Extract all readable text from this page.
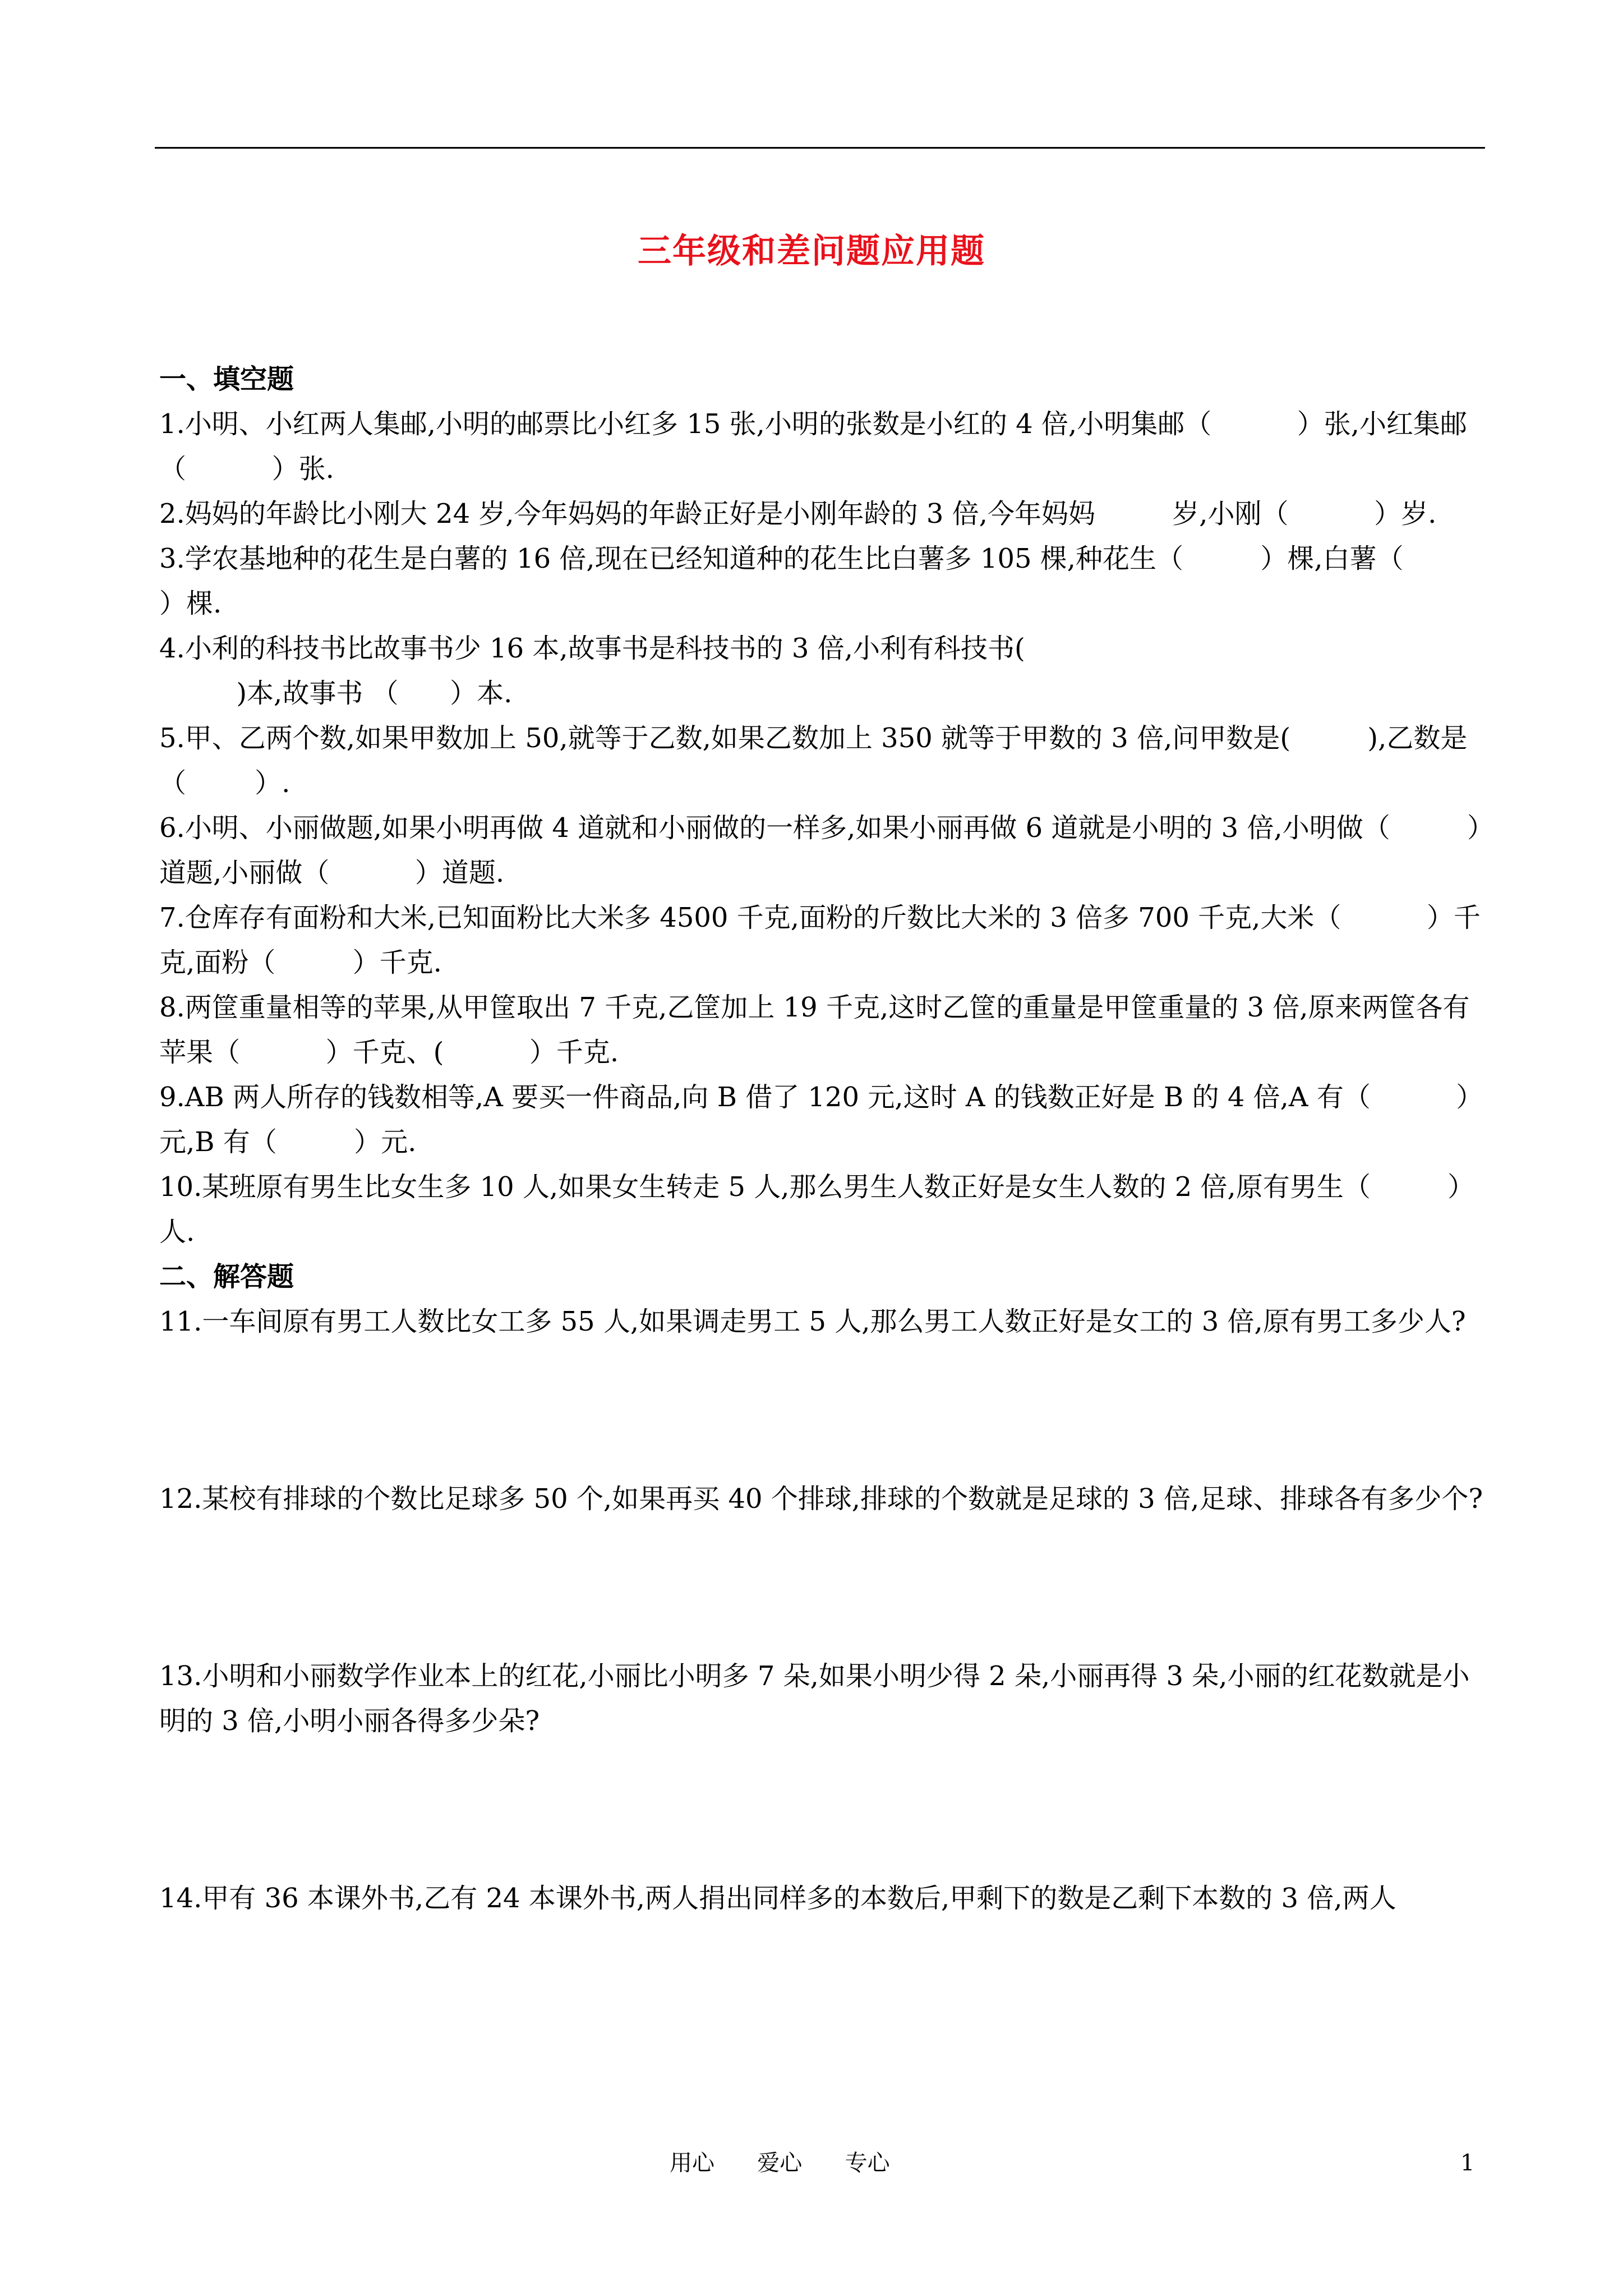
三年级和差问题应用题

一、填空题

1.小明、小红两人集邮,小明的邮票比小红多 15 张,小明的张数是小红的 4 倍,小明集邮（          ）张,小红集邮（          ）张.

2.妈妈的年龄比小刚大 24 岁,今年妈妈的年龄正好是小刚年龄的 3 倍,今年妈妈         岁,小刚（          ）岁.

3.学农基地种的花生是白薯的 16 倍,现在已经知道种的花生比白薯多 105 棵,种花生（         ）棵,白薯（         ）棵.

4.小利的科技书比故事书少 16 本,故事书是科技书的 3 倍,小利有科技书(
)本,故事书 （      ）本.

5.甲、乙两个数,如果甲数加上 50,就等于乙数,如果乙数加上 350 就等于甲数的 3 倍,问甲数是(         ),乙数是（        ）.

6.小明、小丽做题,如果小明再做 4 道就和小丽做的一样多,如果小丽再做 6 道就是小明的 3 倍,小明做（         ）道题,小丽做（          ）道题.

7.仓库存有面粉和大米,已知面粉比大米多 4500 千克,面粉的斤数比大米的 3 倍多 700 千克,大米（          ）千克,面粉（         ）千克.

8.两筐重量相等的苹果,从甲筐取出 7 千克,乙筐加上 19 千克,这时乙筐的重量是甲筐重量的 3 倍,原来两筐各有苹果（          ）千克、(          ）千克.

9.AB 两人所存的钱数相等,A 要买一件商品,向 B 借了 120 元,这时 A 的钱数正好是 B 的 4 倍,A 有（          ）元,B 有（         ）元.

10.某班原有男生比女生多 10 人,如果女生转走 5 人,那么男生人数正好是女生人数的 2 倍,原有男生（         ）人.

二、解答题

11.一车间原有男工人数比女工多 55 人,如果调走男工 5 人,那么男工人数正好是女工的 3 倍,原有男工多少人?

12.某校有排球的个数比足球多 50 个,如果再买 40 个排球,排球的个数就是足球的 3 倍,足球、排球各有多少个?

13.小明和小丽数学作业本上的红花,小丽比小明多 7 朵,如果小明少得 2 朵,小丽再得 3 朵,小丽的红花数就是小明的 3 倍,小明小丽各得多少朵?

14.甲有 36 本课外书,乙有 24 本课外书,两人捐出同样多的本数后,甲剩下的数是乙剩下本数的 3 倍,两人

用心      爱心      专心	1
